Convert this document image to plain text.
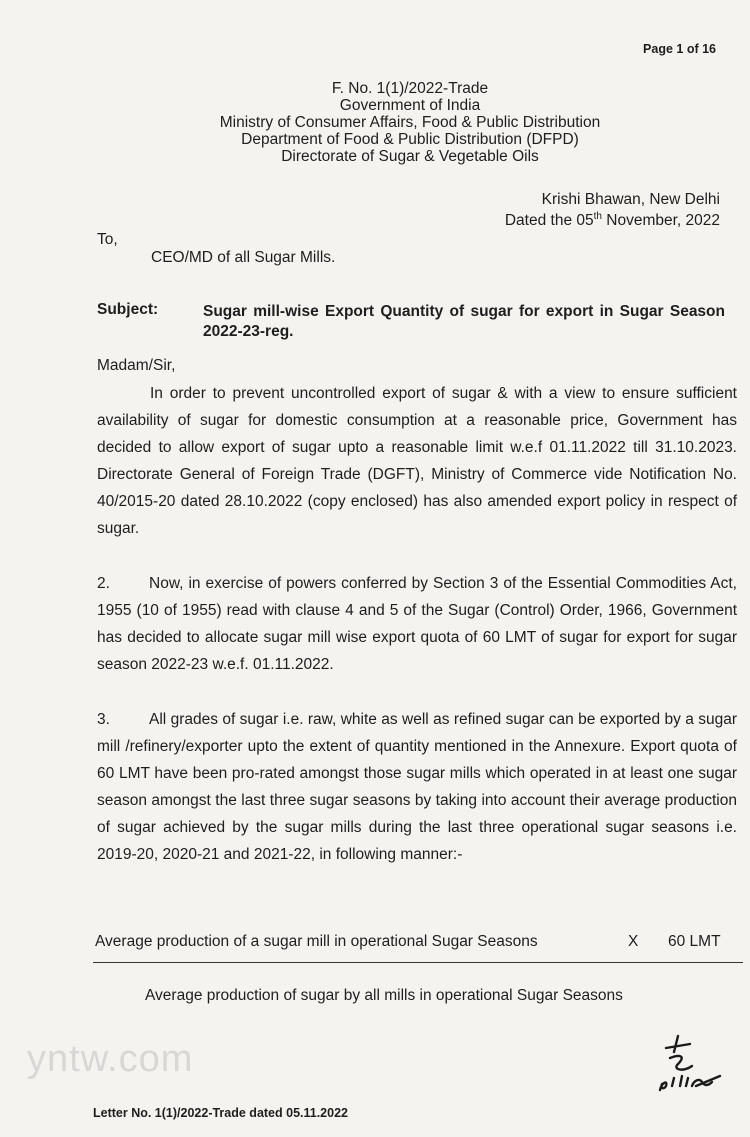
Page 1 of 16
F. No. 1(1)/2022-Trade
Government of India
Ministry of Consumer Affairs, Food & Public Distribution
Department of Food & Public Distribution (DFPD)
Directorate of Sugar & Vegetable Oils
Krishi Bhawan, New Delhi
Dated the 05th November, 2022
To,
CEO/MD of all Sugar Mills.
Subject:	Sugar mill-wise Export Quantity of sugar for export in Sugar Season 2022-23-reg.
Madam/Sir,
In order to prevent uncontrolled export of sugar & with a view to ensure sufficient availability of sugar for domestic consumption at a reasonable price, Government has decided to allow export of sugar upto a reasonable limit w.e.f 01.11.2022 till 31.10.2023. Directorate General of Foreign Trade (DGFT), Ministry of Commerce vide Notification No. 40/2015-20 dated 28.10.2022 (copy enclosed) has also amended export policy in respect of sugar.
2.	Now, in exercise of powers conferred by Section 3 of the Essential Commodities Act, 1955 (10 of 1955) read with clause 4 and 5 of the Sugar (Control) Order, 1966, Government has decided to allocate sugar mill wise export quota of 60 LMT of sugar for export for sugar season 2022-23 w.e.f. 01.11.2022.
3.	All grades of sugar i.e. raw, white as well as refined sugar can be exported by a sugar mill /refinery/exporter upto the extent of quantity mentioned in the Annexure. Export quota of 60 LMT have been pro-rated amongst those sugar mills which operated in at least one sugar season amongst the last three sugar seasons by taking into account their average production of sugar achieved by the sugar mills during the last three operational sugar seasons i.e. 2019-20, 2020-21 and 2021-22, in following manner:-
Average production of a sugar mill in operational Sugar Seasons	X 60 LMT
Average production of sugar by all mills in operational Sugar Seasons
yntw.com
Letter No. 1(1)/2022-Trade dated 05.11.2022
